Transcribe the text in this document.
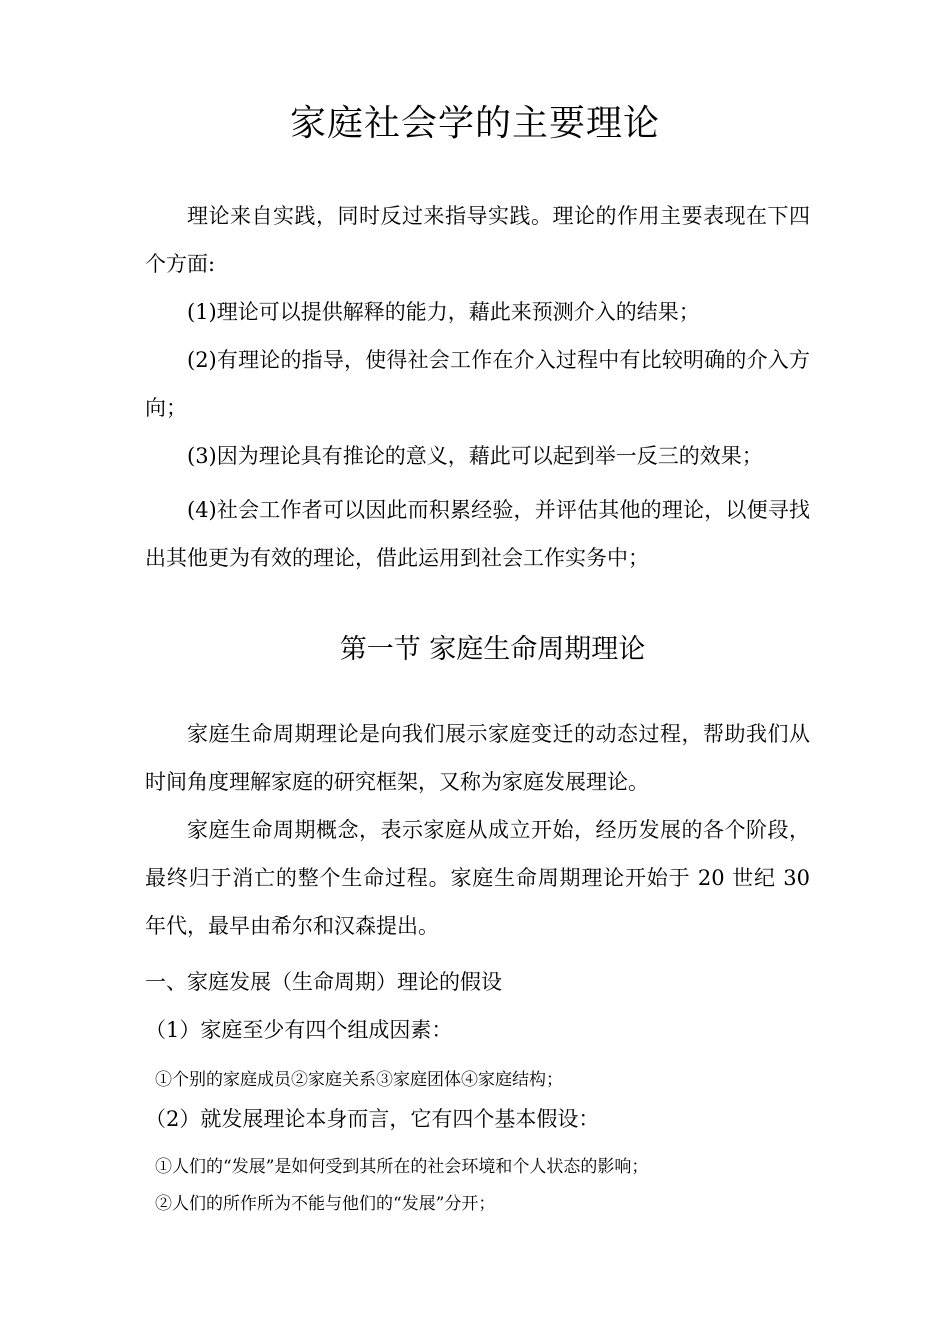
家庭社会学的主要理论

理论来自实践，同时反过来指导实践。理论的作用主要表现在下四个方面:

(1)理论可以提供解释的能力，藉此来预测介入的结果；

(2)有理论的指导，使得社会工作在介入过程中有比较明确的介入方向；

(3)因为理论具有推论的意义，藉此可以起到举一反三的效果；

(4)社会工作者可以因此而积累经验，并评估其他的理论，以便寻找出其他更为有效的理论，借此运用到社会工作实务中；

第一节 家庭生命周期理论

家庭生命周期理论是向我们展示家庭变迁的动态过程，帮助我们从时间角度理解家庭的研究框架，又称为家庭发展理论。

家庭生命周期概念，表示家庭从成立开始，经历发展的各个阶段，最终归于消亡的整个生命过程。家庭生命周期理论开始于 20 世纪 30 年代，最早由希尔和汉森提出。

一、家庭发展（生命周期）理论的假设

（1）家庭至少有四个组成因素：

①个别的家庭成员②家庭关系③家庭团体④家庭结构；

（2）就发展理论本身而言，它有四个基本假设：

①人们的“发展”是如何受到其所在的社会环境和个人状态的影响；

②人们的所作所为不能与他们的“发展”分开；
